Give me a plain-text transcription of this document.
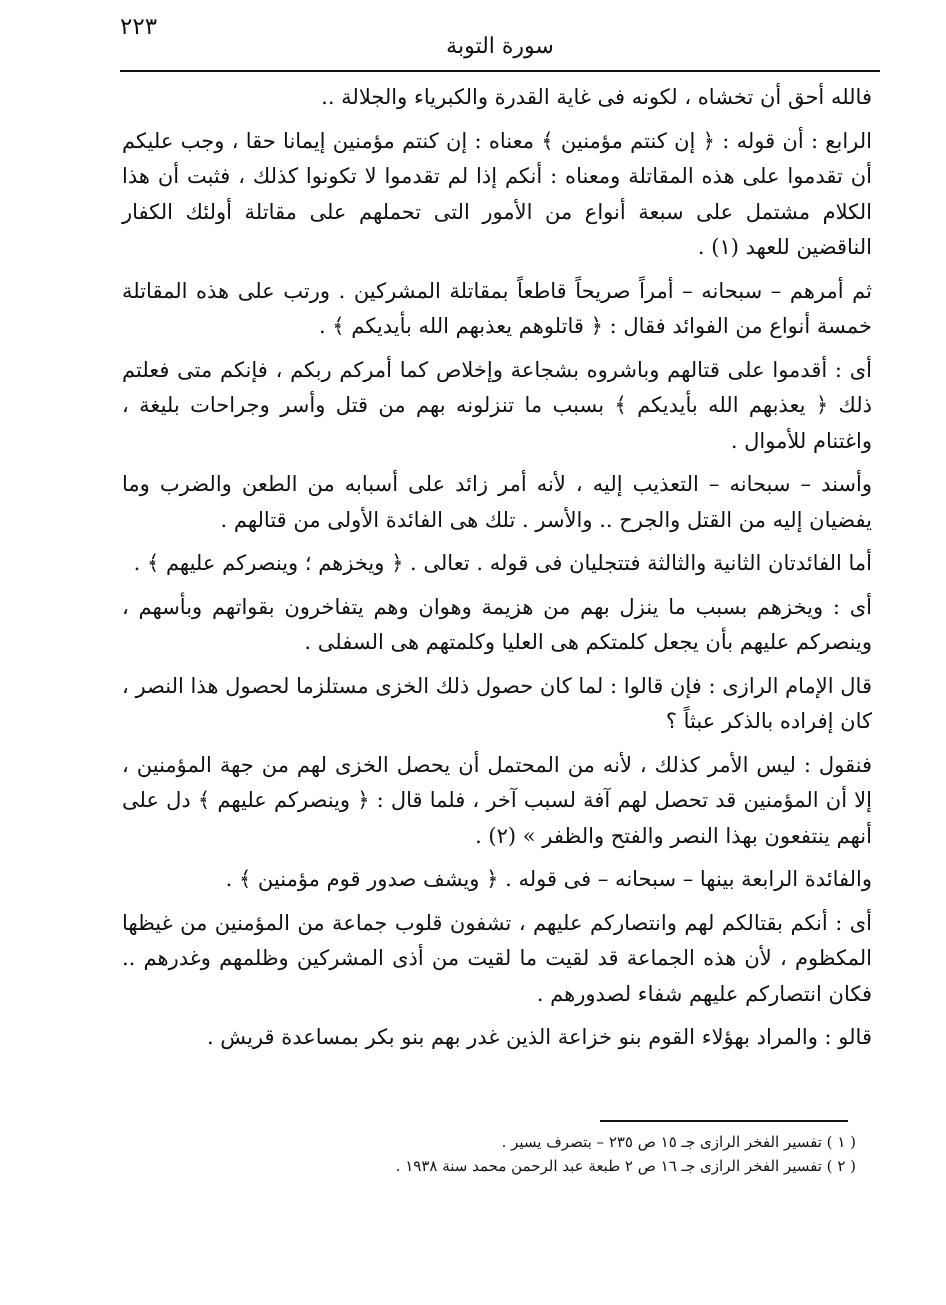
٢٢٣
سورة التوبة

فالله أحق أن تخشاه ، لكونه فى غاية القدرة والكبرياء والجلالة ..

الرابع : أن قوله : ﴿ إن كنتم مؤمنين ﴾ معناه : إن كنتم مؤمنين إيمانا حقا ، وجب عليكم أن تقدموا على هذه المقاتلة ومعناه : أنكم إذا لم تقدموا لا تكونوا كذلك ، فثبت أن هذا الكلام مشتمل على سبعة أنواع من الأمور التى تحملهم على مقاتلة أولئك الكفار الناقضين للعهد (١) .

ثم أمرهم – سبحانه – أمراً صريحاً قاطعاً بمقاتلة المشركين . ورتب على هذه المقاتلة خمسة أنواع من الفوائد فقال : ﴿ قاتلوهم يعذبهم الله بأيديكم ﴾ .

أى : أقدموا على قتالهم وباشروه بشجاعة وإخلاص كما أمركم ربكم ، فإنكم متى فعلتم ذلك ﴿ يعذبهم الله بأيديكم ﴾ بسبب ما تنزلونه بهم من قتل وأسر وجراحات بليغة ، واغتنام للأموال .

وأسند – سبحانه – التعذيب إليه ، لأنه أمر زائد على أسبابه من الطعن والضرب وما يفضيان إليه من القتل والجرح .. والأسر . تلك هى الفائدة الأولى من قتالهم .

أما الفائدتان الثانية والثالثة فتتجليان فى قوله . تعالى . ﴿ ويخزهم ؛ وينصركم عليهم ﴾ .

أى : ويخزهم بسبب ما ينزل بهم من هزيمة وهوان وهم يتفاخرون بقواتهم وبأسهم ، وينصركم عليهم بأن يجعل كلمتكم هى العليا وكلمتهم هى السفلى .

قال الإمام الرازى : فإن قالوا : لما كان حصول ذلك الخزى مستلزما لحصول هذا النصر ، كان إفراده بالذكر عبثاً ؟

فنقول : ليس الأمر كذلك ، لأنه من المحتمل أن يحصل الخزى لهم من جهة المؤمنين ، إلا أن المؤمنين قد تحصل لهم آفة لسبب آخر ، فلما قال : ﴿ وينصركم عليهم ﴾ دل على أنهم ينتفعون بهذا النصر والفتح والظفر » (٢) .

والفائدة الرابعة بينها – سبحانه – فى قوله . ﴿ ويشف صدور قوم مؤمنين ﴾ .

أى : أنكم بقتالكم لهم وانتصاركم عليهم ، تشفون قلوب جماعة من المؤمنين من غيظها المكظوم ، لأن هذه الجماعة قد لقيت ما لقيت من أذى المشركين وظلمهم وغدرهم .. فكان انتصاركم عليهم شفاء لصدورهم .

قالو : والمراد بهؤلاء القوم بنو خزاعة الذين غدر بهم بنو بكر بمساعدة قريش .

( ١ ) تفسير الفخر الرازى جـ ١٥ ص ٢٣٥ – بتصرف يسير .

( ٢ ) تفسير الفخر الرازى جـ ١٦ ص ٢ طبعة عبد الرحمن محمد سنة ١٩٣٨ .
